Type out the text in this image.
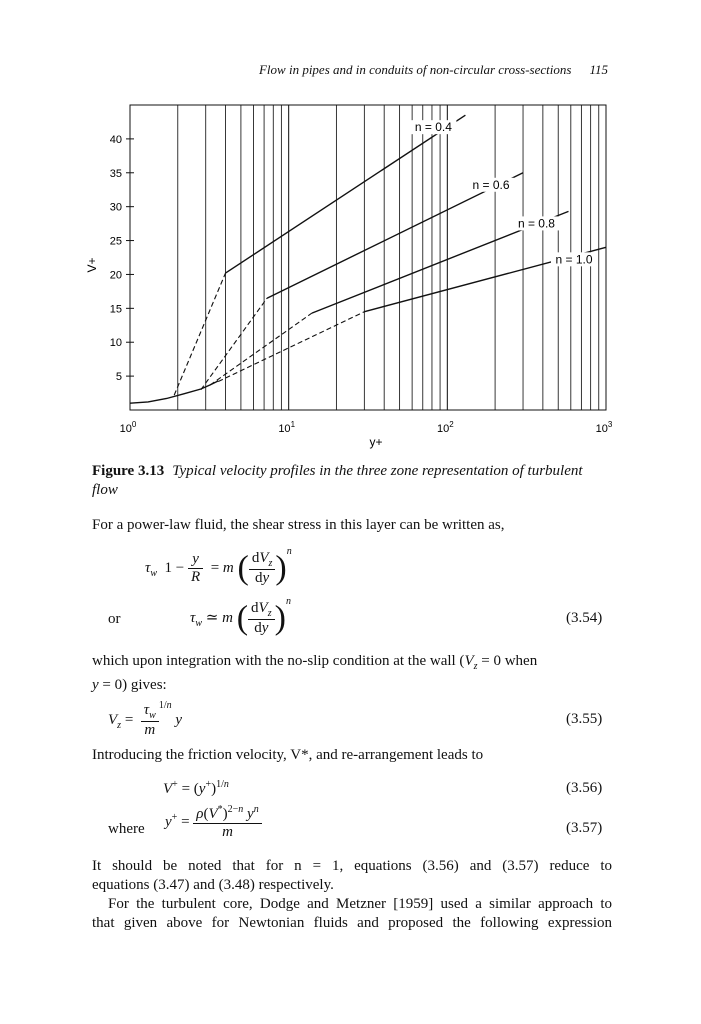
Flow in pipes and in conduits of non-circular cross-sections 115
5
10
15
20
25
30
35
40
$10^0$	$10^1$	$10^2$	$10^3$
n = 0.4
n = 0.6
n = 0.8
n = 1.0
y+
V+
Figure 3.13 Typical velocity profiles in the three zone representation of turbulent flow
For a power-law fluid, the shear stress in this layer can be written as,
$\tau_w$ $1 - \frac{y}{R} = m$ ( $\frac{dV_z}{dy} )^n$
or	$\tau_w$ ≃ m ( $\frac{dV_z}{dy} )^n$
(3.54)
which upon integration with the no-slip condition at the wall ($V_z = 0$ when
y = 0) gives:
$V_z = \frac{\tau_w}{m} ^{1/n}$ y	(3.55)
Introducing the friction velocity, V*, and re-arrangement leads to
$V^+ = (y^+)^{1/n}$	(3.56)
where $y^+ = \frac{\rho(V^*)^{2-n} y^n}{m}$	(3.57)
It should be noted that for n = 1, equations (3.56) and (3.57) reduce to
equations (3.47) and (3.48) respectively.
For the turbulent core, Dodge and Metzner [1959] used a similar approach to
that given above for Newtonian fluids and proposed the following expression
